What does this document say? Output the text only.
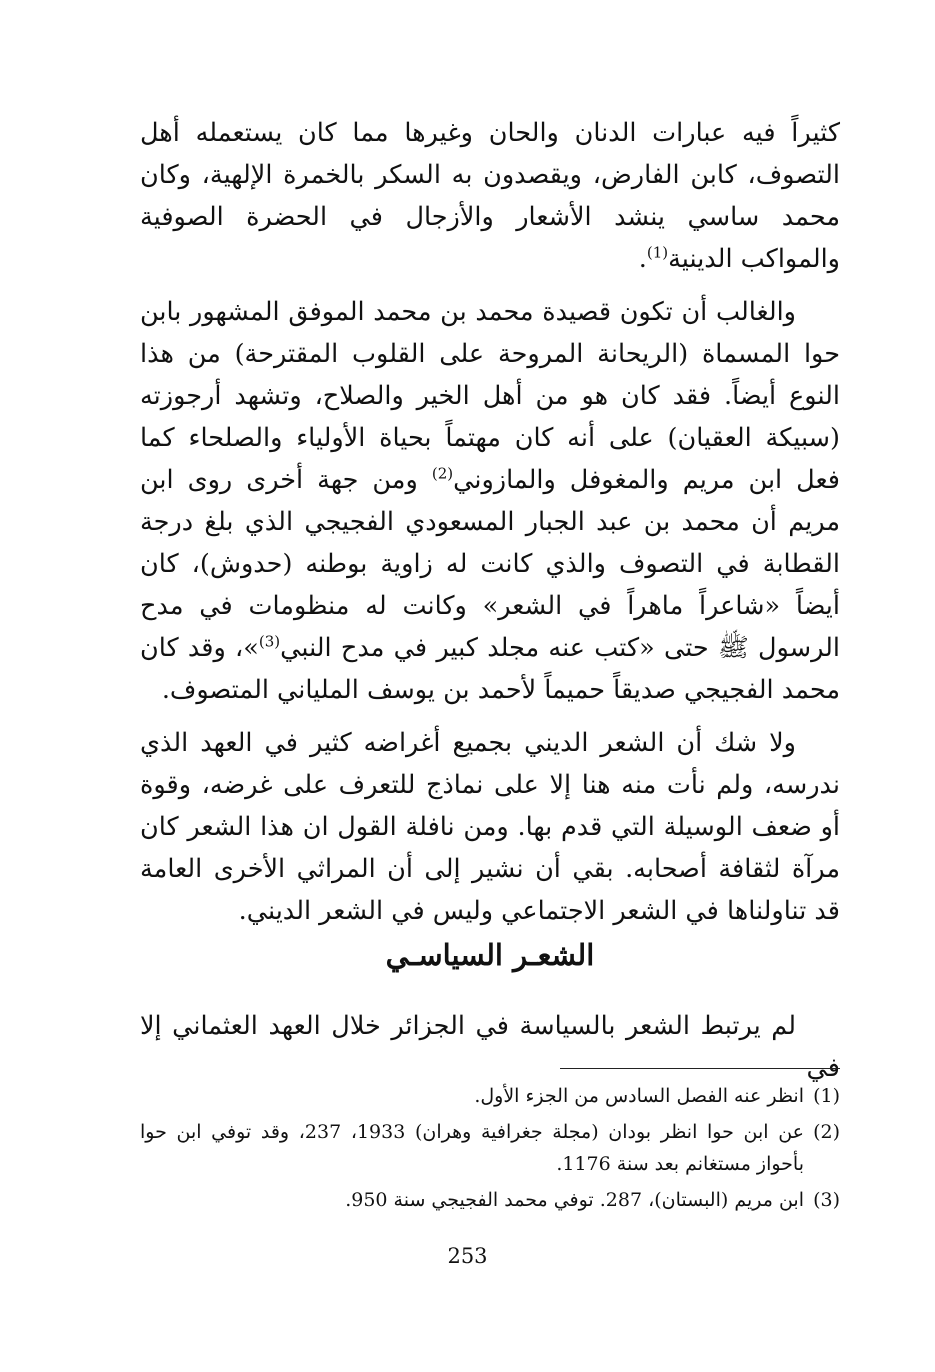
كثيراً فيه عبارات الدنان والحان وغيرها مما كان يستعمله أهل التصوف، كابن الفارض، ويقصدون به السكر بالخمرة الإلهية، وكان محمد ساسي ينشد الأشعار والأزجال في الحضرة الصوفية والمواكب الدينية$^{(1)}$.

والغالب أن تكون قصيدة محمد بن محمد الموفق المشهور بابن حوا المسماة (الريحانة المروحة على القلوب المقترحة) من هذا النوع أيضاً. فقد كان هو من أهل الخير والصلاح، وتشهد أرجوزته (سبيكة العقيان) على أنه كان مهتماً بحياة الأولياء والصلحاء كما فعل ابن مريم والمغوفل والمازوني$^{(2)}$ ومن جهة أخرى روى ابن مريم أن محمد بن عبد الجبار المسعودي الفجيجي الذي بلغ درجة القطابة في التصوف والذي كانت له زاوية بوطنه (حدوش)، كان أيضاً «شاعراً ماهراً في الشعر» وكانت له منظومات في مدح الرسول ﷺ حتى «كتب عنه مجلد كبير في مدح النبي$^{(3)}$»، وقد كان محمد الفجيجي صديقاً حميماً لأحمد بن يوسف الملياني المتصوف.

ولا شك أن الشعر الديني بجميع أغراضه كثير في العهد الذي ندرسه، ولم نأت منه هنا إلا على نماذج للتعرف على غرضه، وقوة أو ضعف الوسيلة التي قدم بها. ومن نافلة القول ان هذا الشعر كان مرآة لثقافة أصحابه. بقي أن نشير إلى أن المراثي الأخرى العامة قد تناولناها في الشعر الاجتماعي وليس في الشعر الديني.

الشعـر السياسـي

لم يرتبط الشعر بالسياسة في الجزائر خلال العهد العثماني إلا في

(1)
انظر عنه الفصل السادس من الجزء الأول.
(2)
عن ابن حوا انظر بودان (مجلة جغرافية وهران) 1933، 237، وقد توفي ابن حوا بأحواز مستغانم بعد سنة 1176.
(3)
ابن مريم (البستان)، 287. توفي محمد الفجيجي سنة 950.
253
